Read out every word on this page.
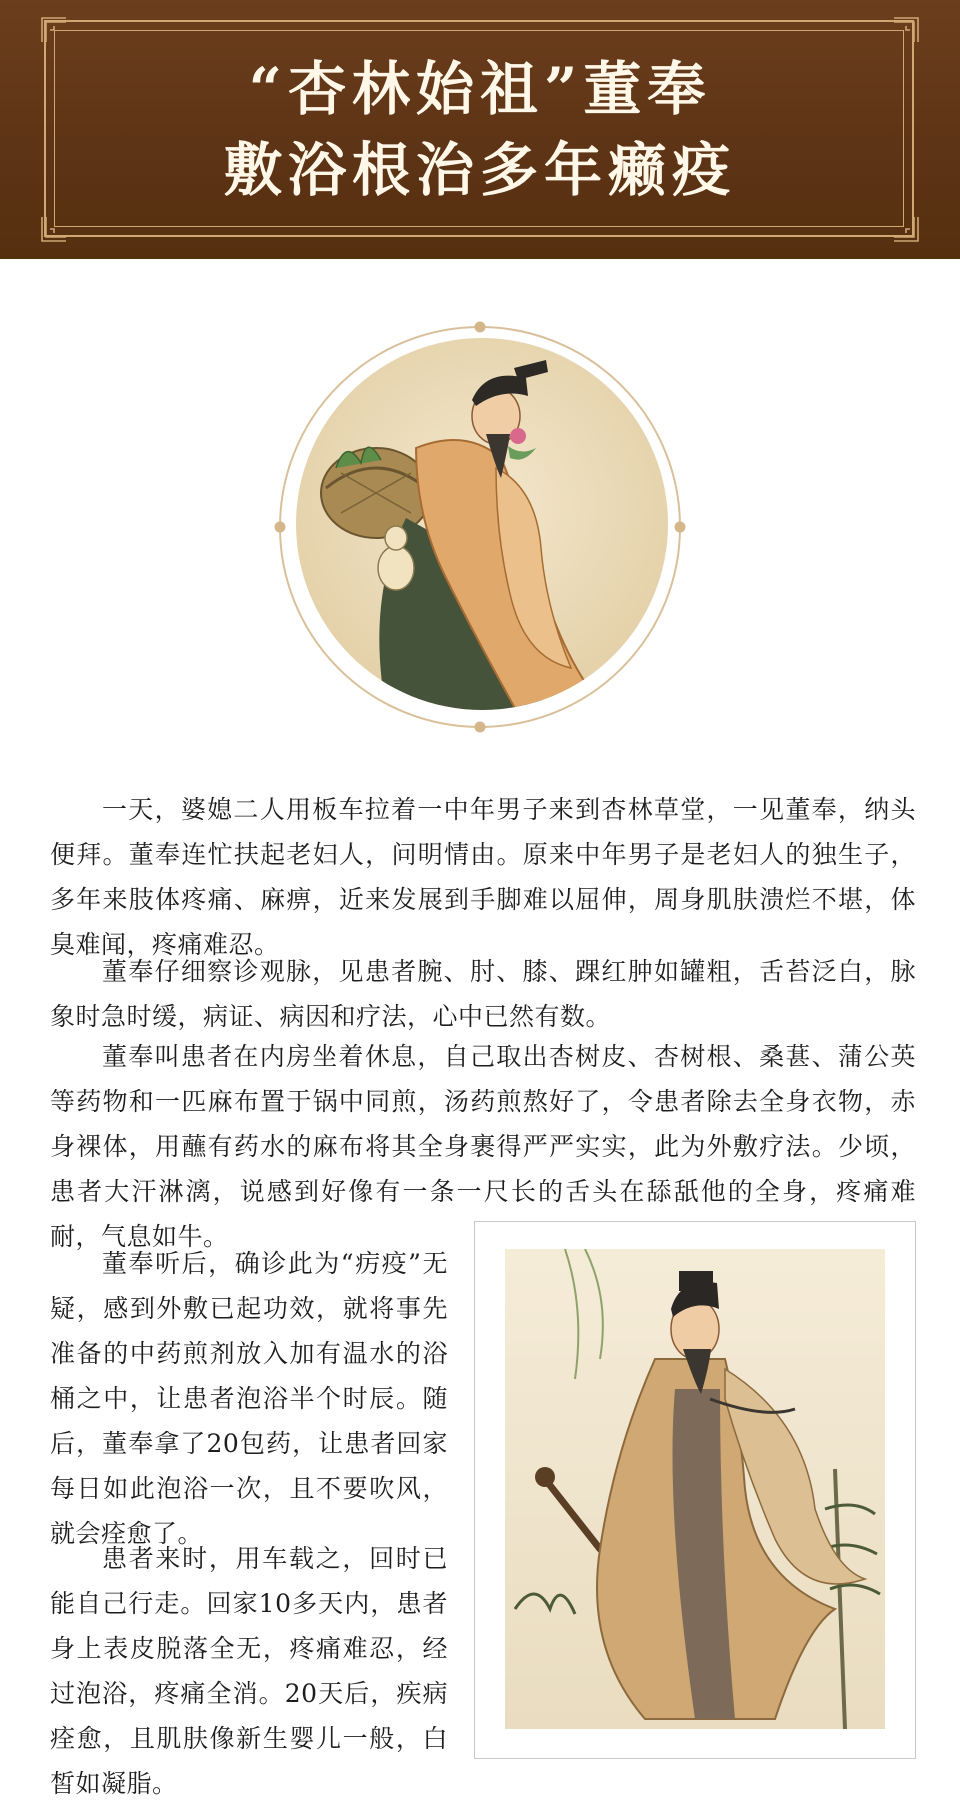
“杏林始祖”董奉
敷浴根治多年癞疫

一天，婆媳二人用板车拉着一中年男子来到杏林草堂，一见董奉，纳头便拜。董奉连忙扶起老妇人，问明情由。原来中年男子是老妇人的独生子，多年来肢体疼痛、麻痹，近来发展到手脚难以屈伸，周身肌肤溃烂不堪，体臭难闻，疼痛难忍。

董奉仔细察诊观脉，见患者腕、肘、膝、踝红肿如罐粗，舌苔泛白，脉象时急时缓，病证、病因和疗法，心中已然有数。

董奉叫患者在内房坐着休息，自己取出杏树皮、杏树根、桑葚、蒲公英等药物和一匹麻布置于锅中同煎，汤药煎熬好了，令患者除去全身衣物，赤身裸体，用蘸有药水的麻布将其全身裹得严严实实，此为外敷疗法。少顷，患者大汗淋漓，说感到好像有一条一尺长的舌头在舔舐他的全身，疼痛难耐，气息如牛。

董奉听后，确诊此为“疠疫”无疑，感到外敷已起功效，就将事先准备的中药煎剂放入加有温水的浴桶之中，让患者泡浴半个时辰。随后，董奉拿了20包药，让患者回家每日如此泡浴一次，且不要吹风，就会痊愈了。

患者来时，用车载之，回时已能自己行走。回家10多天内，患者身上表皮脱落全无，疼痛难忍，经过泡浴，疼痛全消。20天后，疾病痊愈，且肌肤像新生婴儿一般，白皙如凝脂。
